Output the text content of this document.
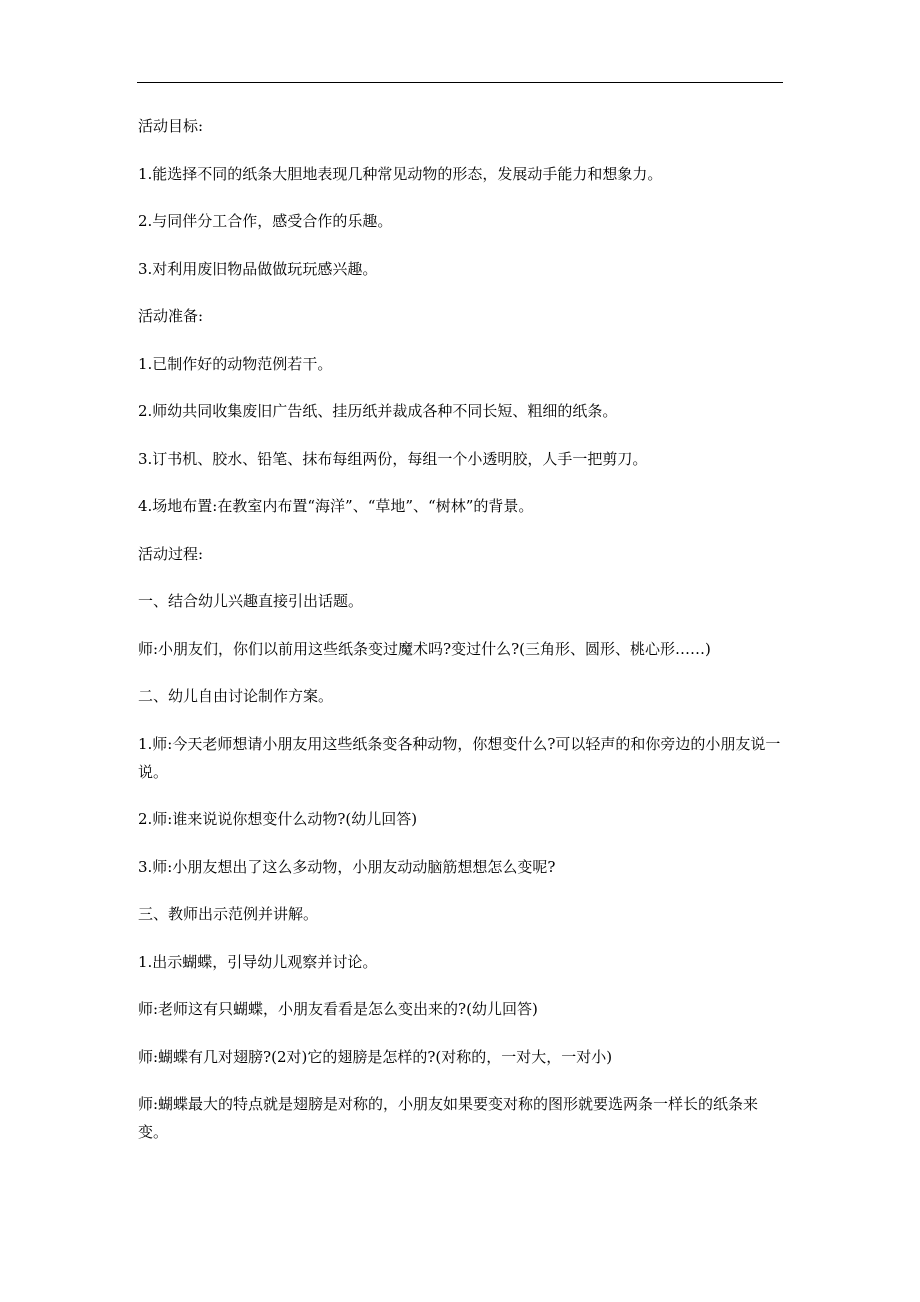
活动目标:

1.能选择不同的纸条大胆地表现几种常见动物的形态，发展动手能力和想象力。

2.与同伴分工合作，感受合作的乐趣。

3.对利用废旧物品做做玩玩感兴趣。

活动准备:

1.已制作好的动物范例若干。

2.师幼共同收集废旧广告纸、挂历纸并裁成各种不同长短、粗细的纸条。

3.订书机、胶水、铅笔、抹布每组两份，每组一个小透明胶，人手一把剪刀。

4.场地布置:在教室内布置“海洋”、“草地”、“树林”的背景。

活动过程:

一、结合幼儿兴趣直接引出话题。

师:小朋友们，你们以前用这些纸条变过魔术吗?变过什么?(三角形、圆形、桃心形……)

二、幼儿自由讨论制作方案。

1.师:今天老师想请小朋友用这些纸条变各种动物，你想变什么?可以轻声的和你旁边的小朋友说一说。

2.师:谁来说说你想变什么动物?(幼儿回答)

3.师:小朋友想出了这么多动物，小朋友动动脑筋想想怎么变呢?

三、教师出示范例并讲解。

1.出示蝴蝶，引导幼儿观察并讨论。

师:老师这有只蝴蝶，小朋友看看是怎么变出来的?(幼儿回答)

师:蝴蝶有几对翅膀?(2对)它的翅膀是怎样的?(对称的，一对大，一对小)

师:蝴蝶最大的特点就是翅膀是对称的，小朋友如果要变对称的图形就要选两条一样长的纸条来变。
